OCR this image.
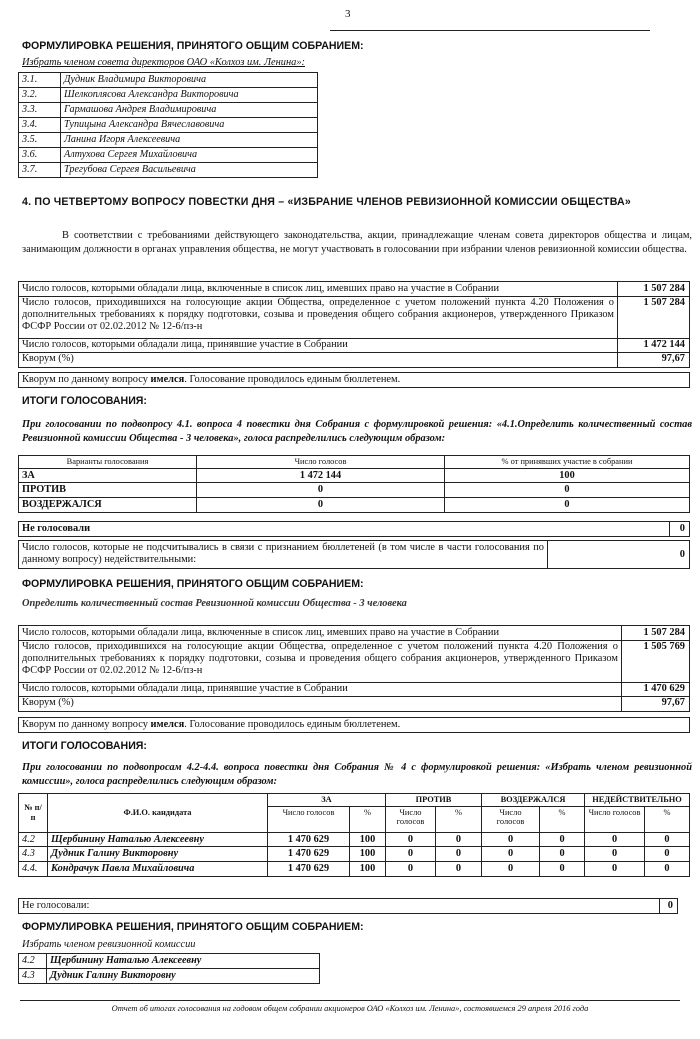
3
ФОРМУЛИРОВКА РЕШЕНИЯ, ПРИНЯТОГО ОБЩИМ СОБРАНИЕМ:
Избрать членом совета директоров ОАО «Колхоз им. Ленина»:
3.1.	Дудник Владимира Викторовича
3.2.	Шелкоплясова Александра Викторовича
3.3.	Гармашова Андрея Владимировича
3.4.	Тупицына Александра Вячеславовича
3.5.	Ланина Игоря Алексеевича
3.6.	Алтухова Сергея Михайловича
3.7.	Трегубова Сергея Васильевича
4. ПО ЧЕТВЕРТОМУ ВОПРОСУ ПОВЕСТКИ ДНЯ – «ИЗБРАНИЕ ЧЛЕНОВ РЕВИЗИОННОЙ КОМИССИИ ОБЩЕСТВА»
В соответствии с требованиями действующего законодательства, акции, принадлежащие членам совета директоров общества и лицам, занимающим должности в органах управления общества, не могут участвовать в голосовании при избрании членов ревизионной комиссии общества.
Число голосов, которыми обладали лица, включенные в список лиц, имевших право на участие в Собрании	1 507 284
Число голосов, приходившихся на голосующие акции Общества, определенное с учетом положений пункта 4.20 Положения о дополнительных требованиях к порядку подготовки, созыва и проведения общего собрания акционеров, утвержденного Приказом ФСФР России от 02.02.2012 № 12-6/пз-н
1 507 284
Число голосов, которыми обладали лица, принявшие участие в Собрании	1 472 144
Кворум (%)	97,67
Кворум по данному вопросу имелся. Голосование проводилось единым бюллетенем.
ИТОГИ ГОЛОСОВАНИЯ:
При голосовании по подвопросу 4.1. вопроса 4 повестки дня Собрания с формулировкой решения: «4.1.Определить количественный состав Ревизионной комиссии Общества - 3 человека», голоса распределились следующим образом:
Варианты голосования	Число голосов	% от принявших участие в собрании
ЗА	1 472 144	100
ПРОТИВ	0	0
ВОЗДЕРЖАЛСЯ	0	0
Не голосовали	0
Число голосов, которые не подсчитывались в связи с признанием бюллетеней (в том числе в части голосования по данному вопросу) недействительными:	0
ФОРМУЛИРОВКА РЕШЕНИЯ, ПРИНЯТОГО ОБЩИМ СОБРАНИЕМ:
Определить количественный состав Ревизионной комиссии Общества - 3 человека
Число голосов, которыми обладали лица, включенные в список лиц, имевших право на участие в Собрании	1 507 284
Число голосов, приходившихся на голосующие акции Общества, определенное с учетом положений пункта 4.20 Положения о дополнительных требованиях к порядку подготовки, созыва и проведения общего собрания акционеров, утвержденного Приказом ФСФР России от 02.02.2012 № 12-6/пз-н
1 505 769
Число голосов, которыми обладали лица, принявшие участие в Собрании	1 470 629
Кворум (%)	97,67
Кворум по данному вопросу имелся. Голосование проводилось единым бюллетенем.
ИТОГИ ГОЛОСОВАНИЯ:
При голосовании по подвопросам 4.2-4.4. вопроса повестки дня Собрания № 4 с формулировкой решения: «Избрать членом ревизионной комиссии», голоса распределились следующим образом:
№ п/п	Ф.И.О. кандидата	ЗА		ПРОТИВ		ВОЗДЕРЖАЛСЯ		НЕДЕЙСТВИТЕЛЬНО	
		Число голосов	%	Число голосов	%	Число голосов	%	Число голосов	%
4.2	Щербинину Наталью Алексеевну	1 470 629	100	0	0	0	0	0	0
4.3	Дудник Галину Викторовну	1 470 629	100	0	0	0	0	0	0
4.4.	Кондрачук Павла Михайловича	1 470 629	100	0	0	0	0	0	0
Не голосовали:	0
ФОРМУЛИРОВКА РЕШЕНИЯ, ПРИНЯТОГО ОБЩИМ СОБРАНИЕМ:
Избрать членом ревизионной комиссии
4.2	Щербинину Наталью Алексеевну
4.3	Дудник Галину Викторовну
Отчет об итогах голосования на годовом общем собрании акционеров ОАО «Колхоз им. Ленина», состоявшемся 29 апреля 2016 года
